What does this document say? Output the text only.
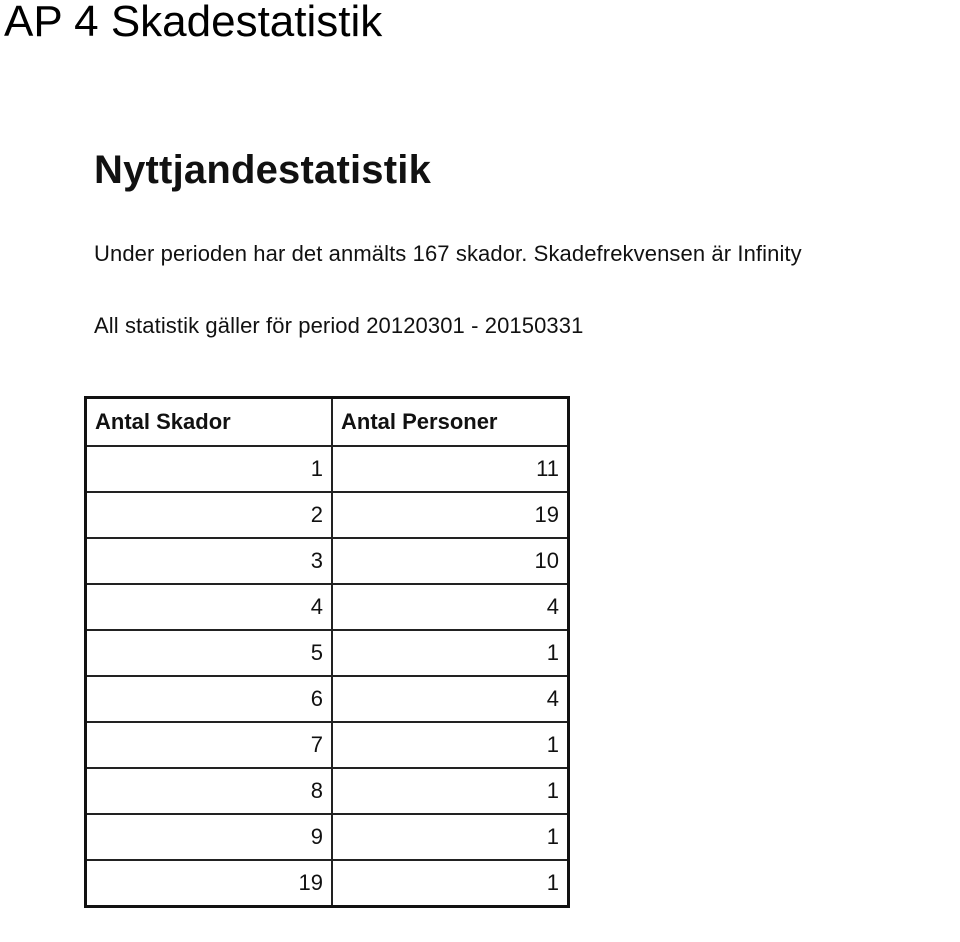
AP 4 Skadestatistik
Nyttjandestatistik
Under perioden har det anmälts 167 skador. Skadefrekvensen är Infinity
All statistik gäller för period 20120301 - 20150331
Antal Skador	Antal Personer
1	11
2	19
3	10
4	4
5	1
6	4
7	1
8	1
9	1
19	1
